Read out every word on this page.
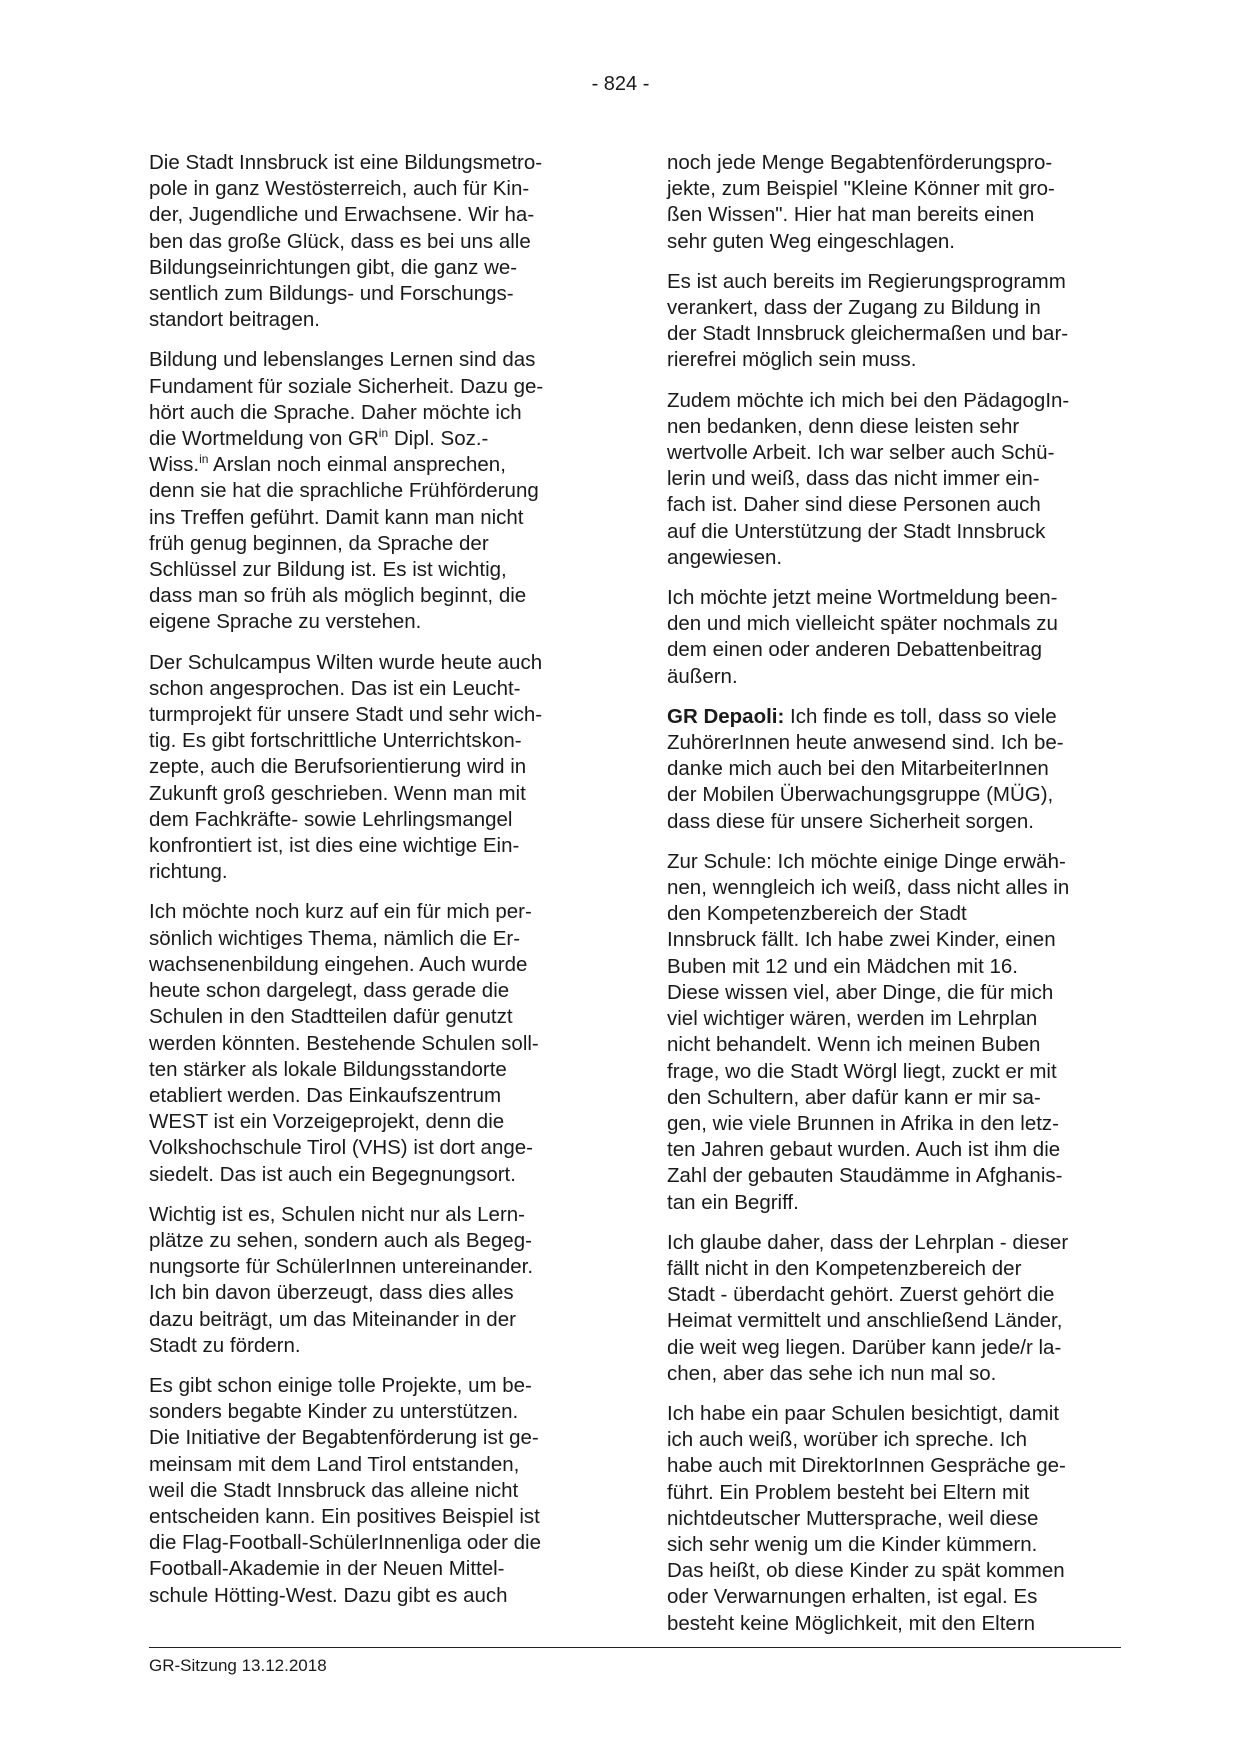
- 824 -
Die Stadt Innsbruck ist eine Bildungsmetro-
pole in ganz Westösterreich, auch für Kin-
der, Jugendliche und Erwachsene. Wir ha-
ben das große Glück, dass es bei uns alle
Bildungseinrichtungen gibt, die ganz we-
sentlich zum Bildungs- und Forschungs-
standort beitragen.
Bildung und lebenslanges Lernen sind das
Fundament für soziale Sicherheit. Dazu ge-
hört auch die Sprache. Daher möchte ich
die Wortmeldung von $GR^{in}$ Dipl. Soz.-
Wiss.$^{in}$ Arslan noch einmal ansprechen,
denn sie hat die sprachliche Frühförderung
ins Treffen geführt. Damit kann man nicht
früh genug beginnen, da Sprache der
Schlüssel zur Bildung ist. Es ist wichtig,
dass man so früh als möglich beginnt, die
eigene Sprache zu verstehen.
Der Schulcampus Wilten wurde heute auch
schon angesprochen. Das ist ein Leucht-
turmprojekt für unsere Stadt und sehr wich-
tig. Es gibt fortschrittliche Unterrichtskon-
zepte, auch die Berufsorientierung wird in
Zukunft groß geschrieben. Wenn man mit
dem Fachkräfte- sowie Lehrlingsmangel
konfrontiert ist, ist dies eine wichtige Ein-
richtung.
Ich möchte noch kurz auf ein für mich per-
sönlich wichtiges Thema, nämlich die Er-
wachsenenbildung eingehen. Auch wurde
heute schon dargelegt, dass gerade die
Schulen in den Stadtteilen dafür genutzt
werden könnten. Bestehende Schulen soll-
ten stärker als lokale Bildungsstandorte
etabliert werden. Das Einkaufszentrum
WEST ist ein Vorzeigeprojekt, denn die
Volkshochschule Tirol (VHS) ist dort ange-
siedelt. Das ist auch ein Begegnungsort.
Wichtig ist es, Schulen nicht nur als Lern-
plätze zu sehen, sondern auch als Begeg-
nungsorte für SchülerInnen untereinander.
Ich bin davon überzeugt, dass dies alles
dazu beiträgt, um das Miteinander in der
Stadt zu fördern.
Es gibt schon einige tolle Projekte, um be-
sonders begabte Kinder zu unterstützen.
Die Initiative der Begabtenförderung ist ge-
meinsam mit dem Land Tirol entstanden,
weil die Stadt Innsbruck das alleine nicht
entscheiden kann. Ein positives Beispiel ist
die Flag-Football-SchülerInnenliga oder die
Football-Akademie in der Neuen Mittel-
schule Hötting-West. Dazu gibt es auch
noch jede Menge Begabtenförderungspro-
jekte, zum Beispiel "Kleine Könner mit gro-
ßen Wissen". Hier hat man bereits einen
sehr guten Weg eingeschlagen.
Es ist auch bereits im Regierungsprogramm
verankert, dass der Zugang zu Bildung in
der Stadt Innsbruck gleichermaßen und bar-
rierefrei möglich sein muss.
Zudem möchte ich mich bei den PädagogIn-
nen bedanken, denn diese leisten sehr
wertvolle Arbeit. Ich war selber auch Schü-
lerin und weiß, dass das nicht immer ein-
fach ist. Daher sind diese Personen auch
auf die Unterstützung der Stadt Innsbruck
angewiesen.
Ich möchte jetzt meine Wortmeldung been-
den und mich vielleicht später nochmals zu
dem einen oder anderen Debattenbeitrag
äußern.
GR Depaoli: Ich finde es toll, dass so viele
ZuhörerInnen heute anwesend sind. Ich be-
danke mich auch bei den MitarbeiterInnen
der Mobilen Überwachungsgruppe (MÜG),
dass diese für unsere Sicherheit sorgen.
Zur Schule: Ich möchte einige Dinge erwäh-
nen, wenngleich ich weiß, dass nicht alles in
den Kompetenzbereich der Stadt
Innsbruck fällt. Ich habe zwei Kinder, einen
Buben mit 12 und ein Mädchen mit 16.
Diese wissen viel, aber Dinge, die für mich
viel wichtiger wären, werden im Lehrplan
nicht behandelt. Wenn ich meinen Buben
frage, wo die Stadt Wörgl liegt, zuckt er mit
den Schultern, aber dafür kann er mir sa-
gen, wie viele Brunnen in Afrika in den letz-
ten Jahren gebaut wurden. Auch ist ihm die
Zahl der gebauten Staudämme in Afghanis-
tan ein Begriff.
Ich glaube daher, dass der Lehrplan - dieser
fällt nicht in den Kompetenzbereich der
Stadt - überdacht gehört. Zuerst gehört die
Heimat vermittelt und anschließend Länder,
die weit weg liegen. Darüber kann jede/r la-
chen, aber das sehe ich nun mal so.
Ich habe ein paar Schulen besichtigt, damit
ich auch weiß, worüber ich spreche. Ich
habe auch mit DirektorInnen Gespräche ge-
führt. Ein Problem besteht bei Eltern mit
nichtdeutscher Muttersprache, weil diese
sich sehr wenig um die Kinder kümmern.
Das heißt, ob diese Kinder zu spät kommen
oder Verwarnungen erhalten, ist egal. Es
besteht keine Möglichkeit, mit den Eltern
GR-Sitzung 13.12.2018
